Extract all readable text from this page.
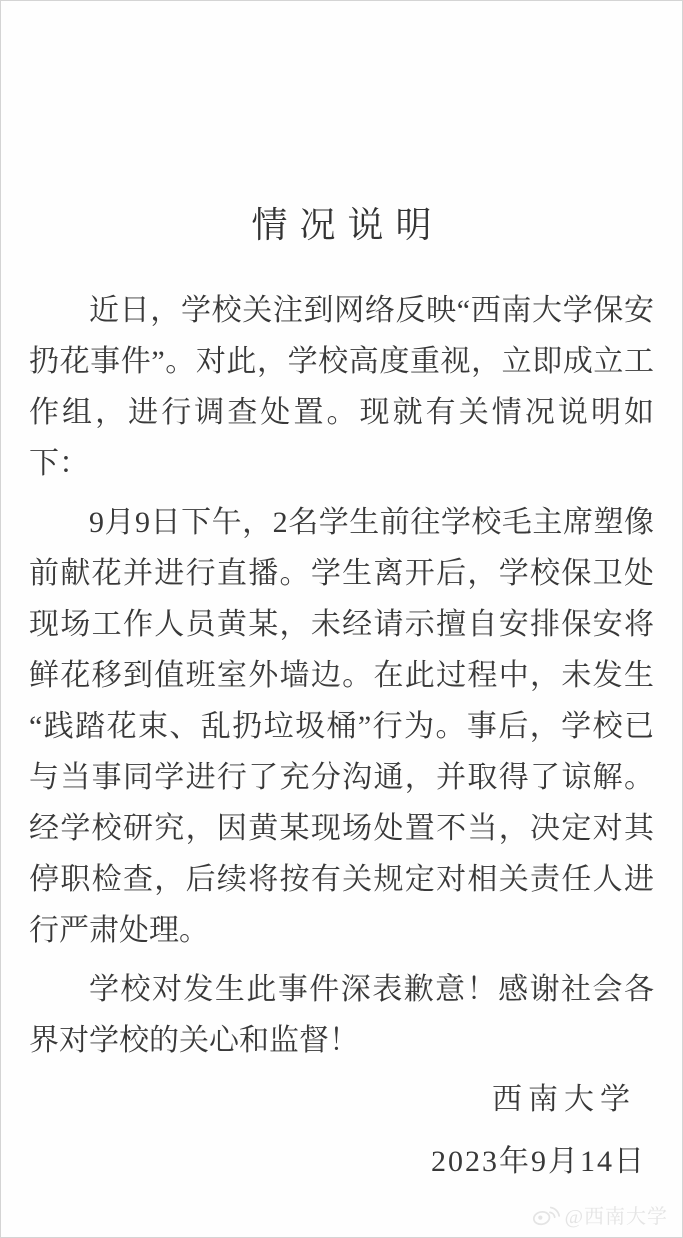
情况说明

近日，学校关注到网络反映“西南大学保安扔花事件”。对此，学校高度重视，立即成立工作组，进行调查处置。现就有关情况说明如下：

9月9日下午，2名学生前往学校毛主席塑像前献花并进行直播。学生离开后，学校保卫处现场工作人员黄某，未经请示擅自安排保安将鲜花移到值班室外墙边。在此过程中，未发生“践踏花束、乱扔垃圾桶”行为。事后，学校已与当事同学进行了充分沟通，并取得了谅解。经学校研究，因黄某现场处置不当，决定对其停职检查，后续将按有关规定对相关责任人进行严肃处理。

学校对发生此事件深表歉意！感谢社会各界对学校的关心和监督！

西南大学
2023年9月14日
@西南大学
